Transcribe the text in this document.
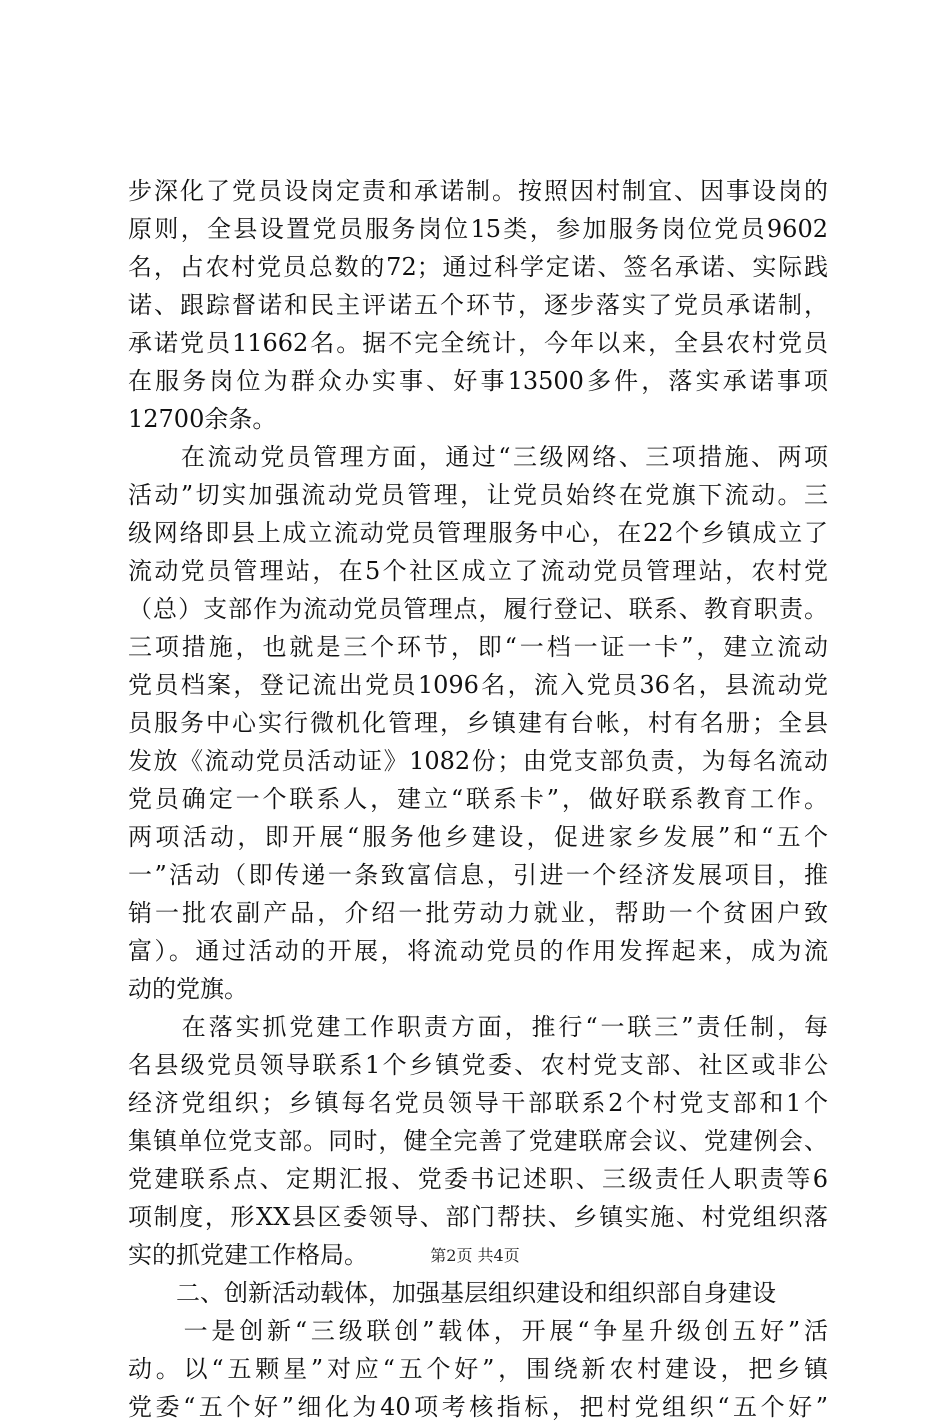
步深化了党员设岗定责和承诺制。按照因村制宜、因事设岗的
原则，全县设置党员服务岗位15类，参加服务岗位党员9602
名，占农村党员总数的72；通过科学定诺、签名承诺、实际践
诺、跟踪督诺和民主评诺五个环节，逐步落实了党员承诺制，
承诺党员11662名。据不完全统计，今年以来，全县农村党员
在服务岗位为群众办实事、好事13500多件，落实承诺事项
12700余条。
　　在流动党员管理方面，通过“三级网络、三项措施、两项
活动”切实加强流动党员管理，让党员始终在党旗下流动。三
级网络即县上成立流动党员管理服务中心，在22个乡镇成立了
流动党员管理站，在5个社区成立了流动党员管理站，农村党
（总）支部作为流动党员管理点，履行登记、联系、教育职责。
三项措施，也就是三个环节，即“一档一证一卡”，建立流动
党员档案，登记流出党员1096名，流入党员36名，县流动党
员服务中心实行微机化管理，乡镇建有台帐，村有名册；全县
发放《流动党员活动证》1082份；由党支部负责，为每名流动
党员确定一个联系人，建立“联系卡”，做好联系教育工作。
两项活动，即开展“服务他乡建设，促进家乡发展”和“五个
一”活动（即传递一条致富信息，引进一个经济发展项目，推
销一批农副产品，介绍一批劳动力就业，帮助一个贫困户致
富）。通过活动的开展，将流动党员的作用发挥起来，成为流
动的党旗。
　　在落实抓党建工作职责方面，推行“一联三”责任制，每
名县级党员领导联系1个乡镇党委、农村党支部、社区或非公
经济党组织；乡镇每名党员领导干部联系2个村党支部和1个
集镇单位党支部。同时，健全完善了党建联席会议、党建例会、
党建联系点、定期汇报、党委书记述职、三级责任人职责等6
项制度，形XX县区委领导、部门帮扶、乡镇实施、村党组织落
实的抓党建工作格局。
　　二、创新活动载体，加强基层组织建设和组织部自身建设
　　一是创新“三级联创”载体，开展“争星升级创五好”活
动。以“五颗星”对应“五个好”，围绕新农村建设，把乡镇
党委“五个好”细化为40项考核指标，把村党组织“五个好”
第2页 共4页
